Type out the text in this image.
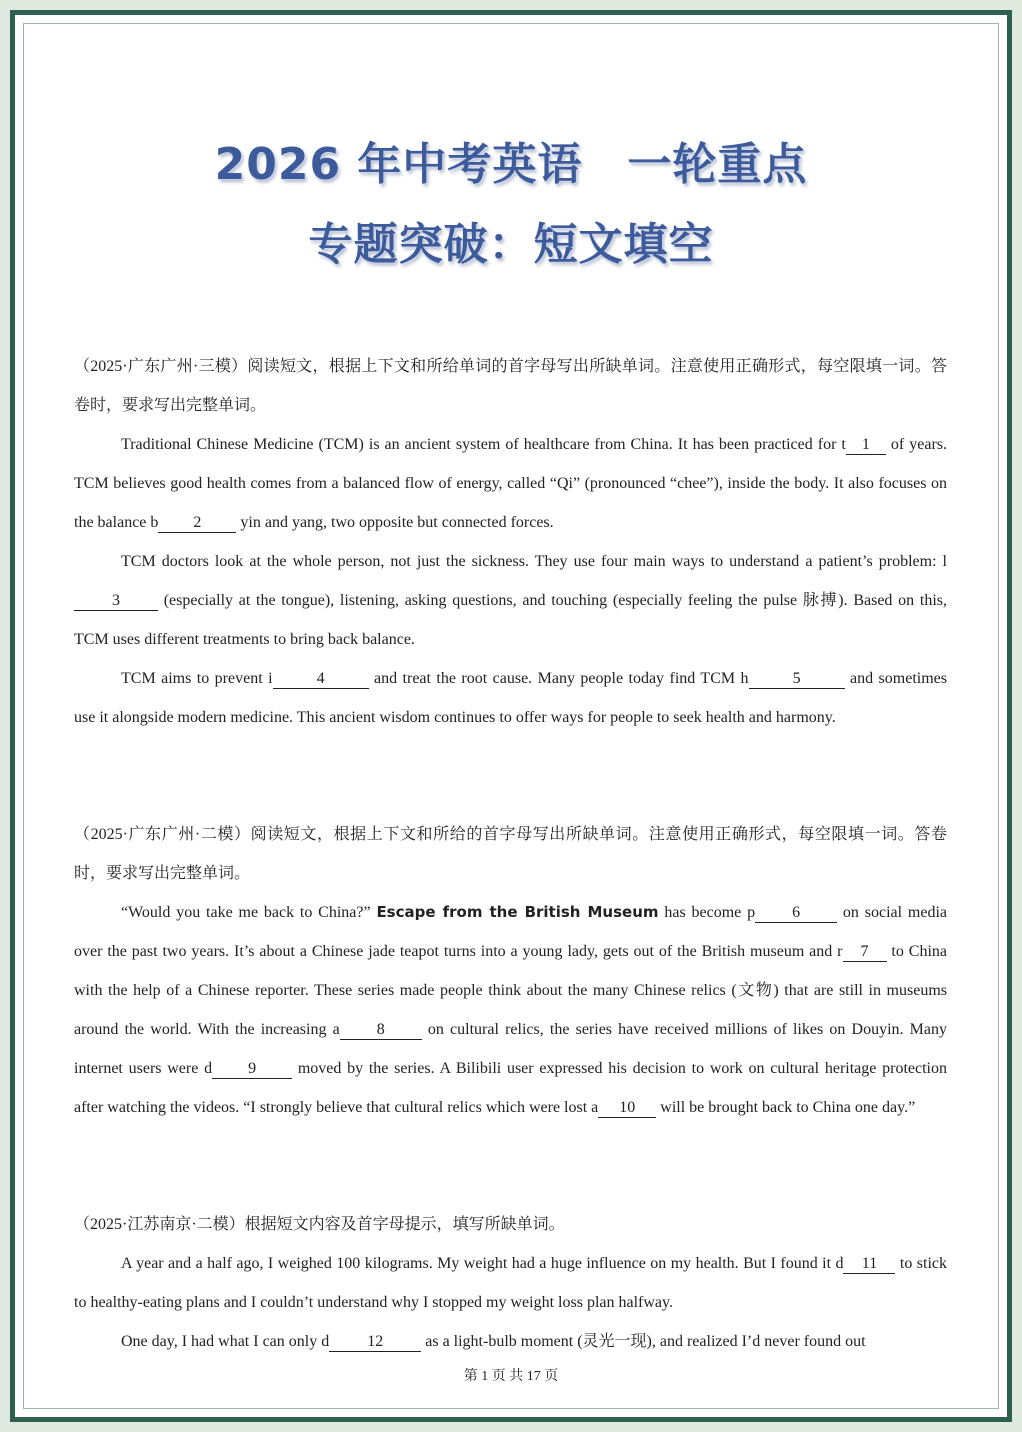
2026 年中考英语　一轮重点
专题突破：短文填空

（2025·广东广州·三模）阅读短文，根据上下文和所给单词的首字母写出所缺单词。注意使用正确形式，每空限填一词。答卷时，要求写出完整单词。

Traditional Chinese Medicine (TCM) is an ancient system of healthcare from China. It has been practiced for t 1 of years. TCM believes good health comes from a balanced flow of energy, called “Qi” (pronounced “chee”), inside the body. It also focuses on the balance b 2 yin and yang, two opposite but connected forces.

TCM doctors look at the whole person, not just the sickness. They use four main ways to understand a patient’s problem: l3 (especially at the tongue), listening, asking questions, and touching (especially feeling the pulse 脉搏). Based on this, TCM uses different treatments to bring back balance.

TCM aims to prevent i	4	and treat the root cause. Many people today find TCM h	5	and sometimes use it alongside modern medicine. This ancient wisdom continues to offer ways for people to seek health and harmony.

（2025·广东广州·二模）阅读短文，根据上下文和所给的首字母写出所缺单词。注意使用正确形式，每空限填一词。答卷时，要求写出完整单词。

“Would you take me back to China?” Escape from the British Museum has become p 6 on social media over the past two years. It’s about a Chinese jade teapot turns into a young lady, gets out of the British museum and r 7 to China with the help of a Chinese reporter. These series made people think about the many Chinese relics (文物) that are still in museums around the world. With the increasing a 8 on cultural relics, the series have received millions of likes on Douyin. Many internet users were d 9 moved by the series. A Bilibili user expressed his decision to work on cultural heritage protection after watching the videos. “I strongly believe that cultural relics which were lost a 10 will be brought back to China one day.”

（2025·江苏南京·二模）根据短文内容及首字母提示，填写所缺单词。

A year and a half ago, I weighed 100 kilograms. My weight had a huge influence on my health. But I found it d 11 to stick to healthy-eating plans and I couldn’t understand why I stopped my weight loss plan halfway.

One day, I had what I can only d 12 as a light-bulb moment (灵光一现), and realized I’d never found out

第 1 页 共 17 页
